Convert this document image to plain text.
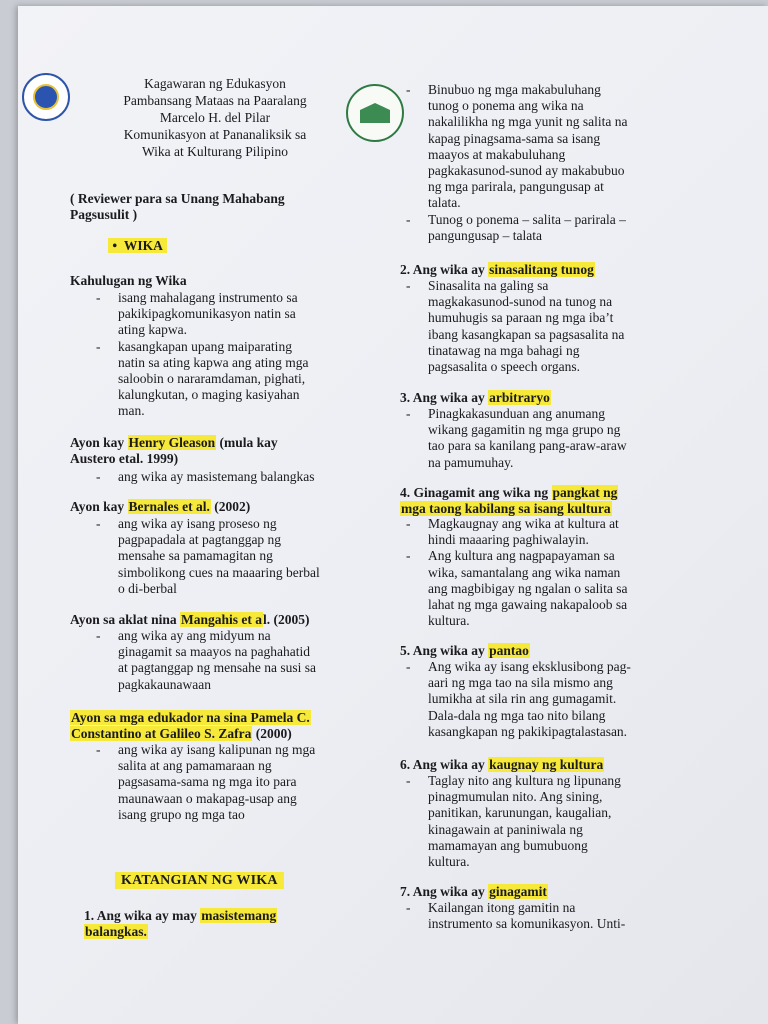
Kagawaran ng Edukasyon
Pambansang Mataas na Paaralang
Marcelo H. del Pilar
Komunikasyon at Pananaliksik sa
Wika at Kulturang Pilipino
( Reviewer para sa Unang Mahabang
Pagsusulit )
•  WIKA
Kahulugan ng Wika
- isang mahalagang instrumento sa
pakikipagkomunikasyon natin sa
ating kapwa.
- kasangkapan upang maiparating
natin sa ating kapwa ang ating mga
saloobin o nararamdaman, pighati,
kalungkutan, o maging kasiyahan
man.
Ayon kay Henry Gleason (mula kay
Austero etal. 1999)
- ang wika ay masistemang balangkas
Ayon kay Bernales et al. (2002)
- ang wika ay isang proseso ng
pagpapadala at pagtanggap ng
mensahe sa pamamagitan ng
simbolikong cues na maaaring berbal
o di-berbal
Ayon sa aklat nina Mangahis et al. (2005)
- ang wika ay ang midyum na
ginagamit sa maayos na paghahatid
at pagtanggap ng mensahe na susi sa
pagkakaunawaan
Ayon sa mga edukador na sina Pamela C.
Constantino at Galileo S. Zafra (2000)
- ang wika ay isang kalipunan ng mga
salita at ang pamamaraan ng
pagsasama-sama ng mga ito para
maunawaan o makapag-usap ang
isang grupo ng mga tao
KATANGIAN NG WIKA
1. Ang wika ay may masistemang
balangkas.
- Binubuo ng mga makabuluhang
tunog o ponema ang wika na
nakalilikha ng mga yunit ng salita na
kapag pinagsama-sama sa isang
maayos at makabuluhang
pagkakasunod-sunod ay makabubuo
ng mga parirala, pangungusap at
talata.
- Tunog o ponema – salita – parirala –
pangungusap – talata
2. Ang wika ay sinasalitang tunog
- Sinasalita na galing sa
magkakasunod-sunod na tunog na
humuhugis sa paraan ng mga iba’t
ibang kasangkapan sa pagsasalita na
tinatawag na mga bahagi ng
pagsasalita o speech organs.
3. Ang wika ay arbitraryo
- Pinagkakasunduan ang anumang
wikang gagamitin ng mga grupo ng
tao para sa kanilang pang-araw-araw
na pamumuhay.
4. Ginagamit ang wika ng pangkat ng
mga taong kabilang sa isang kultura
- Magkaugnay ang wika at kultura at
hindi maaaring paghiwalayin.
- Ang kultura ang nagpapayaman sa
wika, samantalang ang wika naman
ang magbibigay ng ngalan o salita sa
lahat ng mga gawaing nakapaloob sa
kultura.
5. Ang wika ay pantao
- Ang wika ay isang eksklusibong pag-
aari ng mga tao na sila mismo ang
lumikha at sila rin ang gumagamit.
Dala-dala ng mga tao nito bilang
kasangkapan ng pakikipagtalastasan.
6. Ang wika ay kaugnay ng kultura
- Taglay nito ang kultura ng lipunang
pinagmumulan nito. Ang sining,
panitikan, karunungan, kaugalian,
kinagawain at paniniwala ng
mamamayan ang bumubuong
kultura.
7. Ang wika ay ginagamit
- Kailangan itong gamitin na
instrumento sa komunikasyon. Unti-
